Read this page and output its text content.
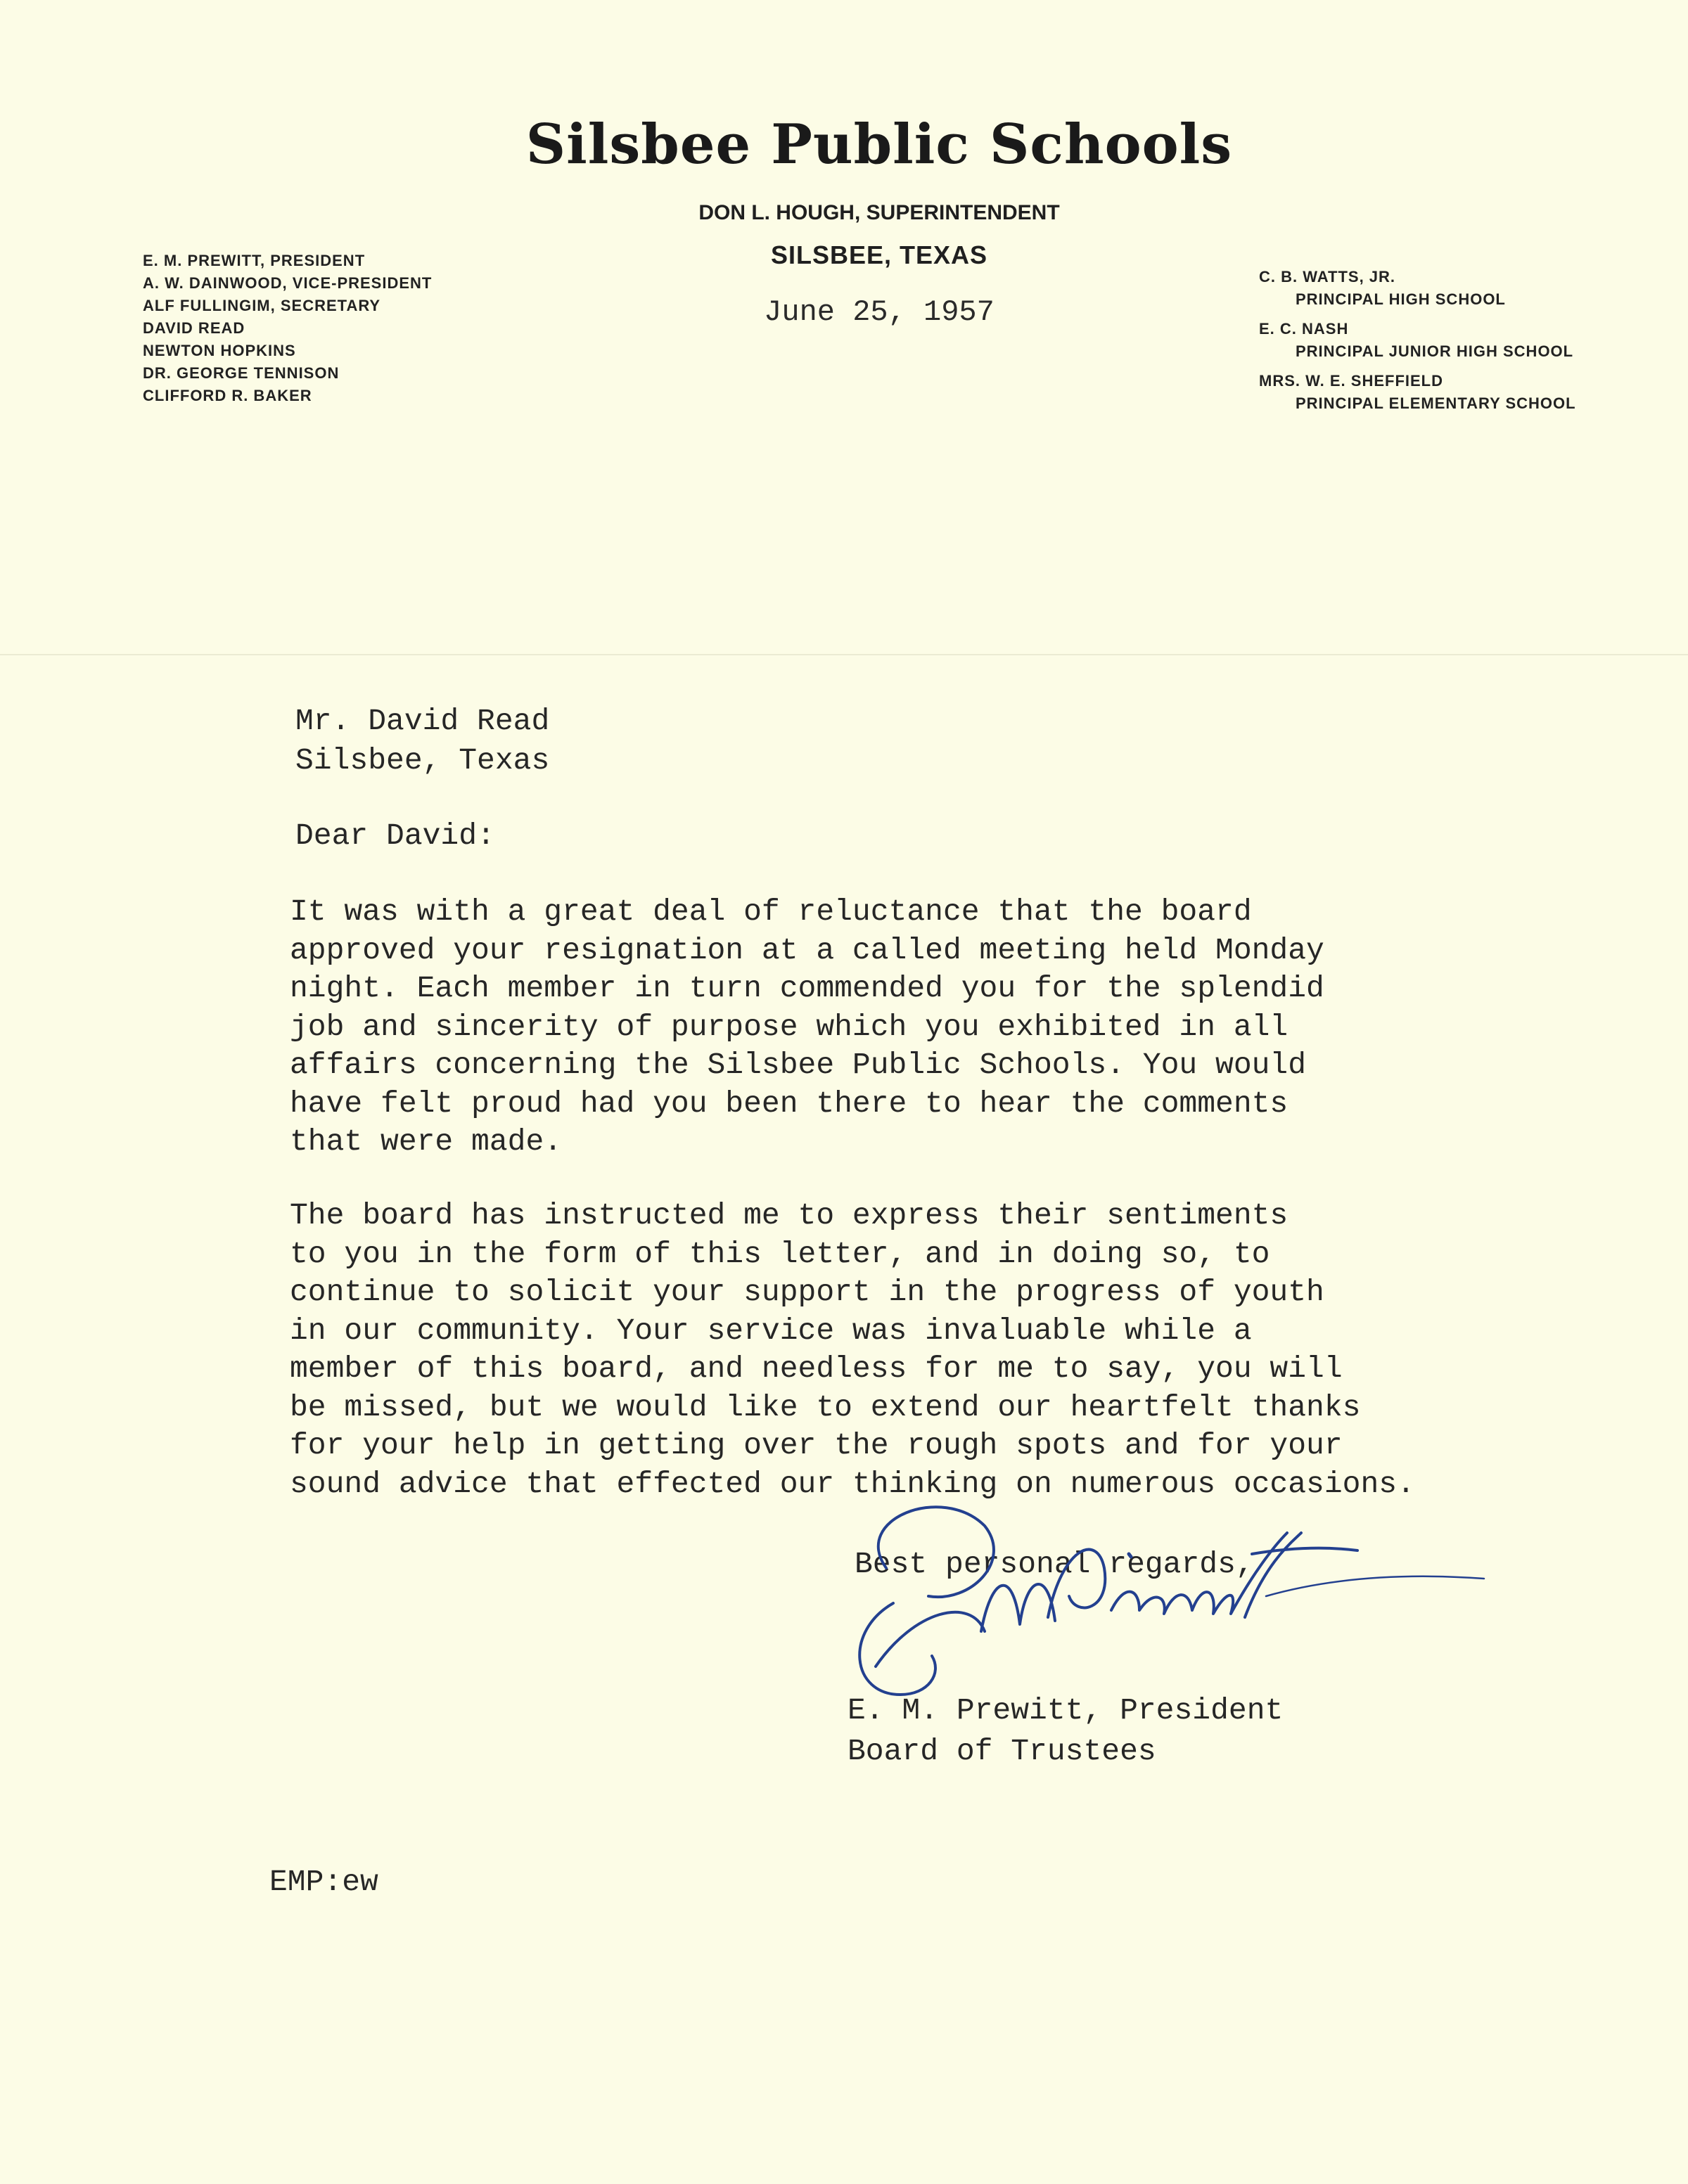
Silsbee Public Schools
DON L. HOUGH, SUPERINTENDENT
SILSBEE, TEXAS
June 25, 1957
E. M. PREWITT, PRESIDENT
A. W. DAINWOOD, VICE-PRESIDENT
ALF FULLINGIM, SECRETARY
DAVID READ
NEWTON HOPKINS
DR. GEORGE TENNISON
CLIFFORD R. BAKER
C. B. WATTS, JR.
PRINCIPAL HIGH SCHOOL
E. C. NASH
PRINCIPAL JUNIOR HIGH SCHOOL
MRS. W. E. SHEFFIELD
PRINCIPAL ELEMENTARY SCHOOL
Mr. David Read
Silsbee, Texas
Dear David:
It was with a great deal of reluctance that the board
approved your resignation at a called meeting held Monday
night. Each member in turn commended you for the splendid
job and sincerity of purpose which you exhibited in all
affairs concerning the Silsbee Public Schools. You would
have felt proud had you been there to hear the comments
that were made.
The board has instructed me to express their sentiments
to you in the form of this letter, and in doing so, to
continue to solicit your support in the progress of youth
in our community. Your service was invaluable while a
member of this board, and needless for me to say, you will
be missed, but we would like to extend our heartfelt thanks
for your help in getting over the rough spots and for your
sound advice that effected our thinking on numerous occasions.
Best personal regards,
E. M. Prewitt, President
Board of Trustees
EMP:ew
